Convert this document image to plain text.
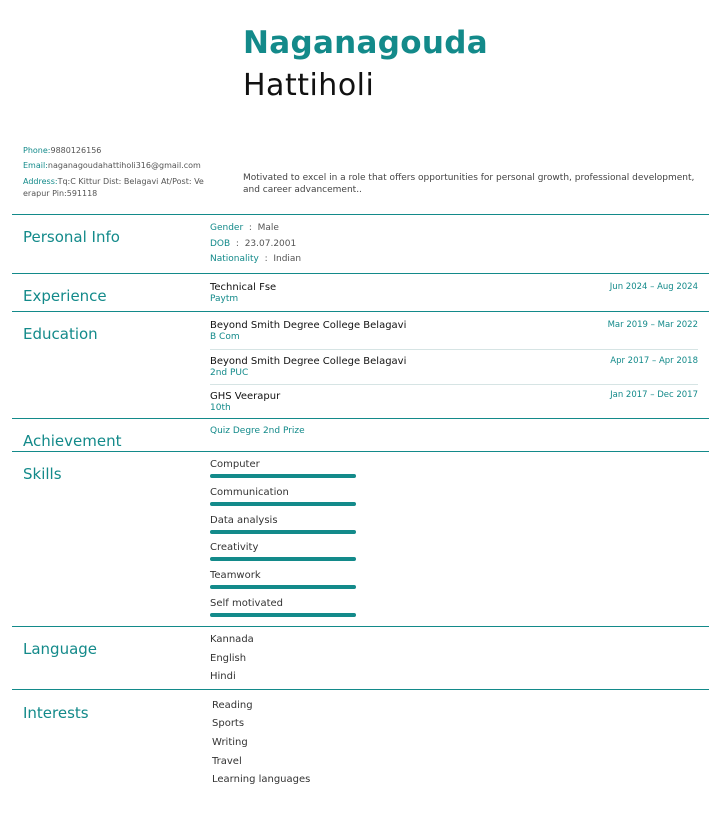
Naganagouda
Hattiholi
Phone:9880126156
Email:naganagoudahattiholi316@gmail.com
Address:Tq:C Kittur Dist: Belagavi At/Post: Ve
erapur Pin:591118
Motivated to excel in a role that offers opportunities for personal growth, professional development, and career advancement..
Personal Info	Gender  :  Male
DOB  :  23.07.2001
Nationality  :  Indian
Experience	Technical Fse
Paytm
Jun 2024 – Aug 2024
Education	Beyond Smith Degree College Belagavi
B Com
Mar 2019 – Mar 2022
Beyond Smith Degree College Belagavi
2nd PUC
Apr 2017 – Apr 2018
GHS Veerapur
10th
Jan 2017 – Dec 2017
Achievement
Quiz Degre 2nd Prize
Skills
Computer
Communication
Data analysis
Creativity
Teamwork
Self motivated
Language
Kannada
English
Hindi
Interests	Reading
Sports
Writing
Travel
Learning languages
